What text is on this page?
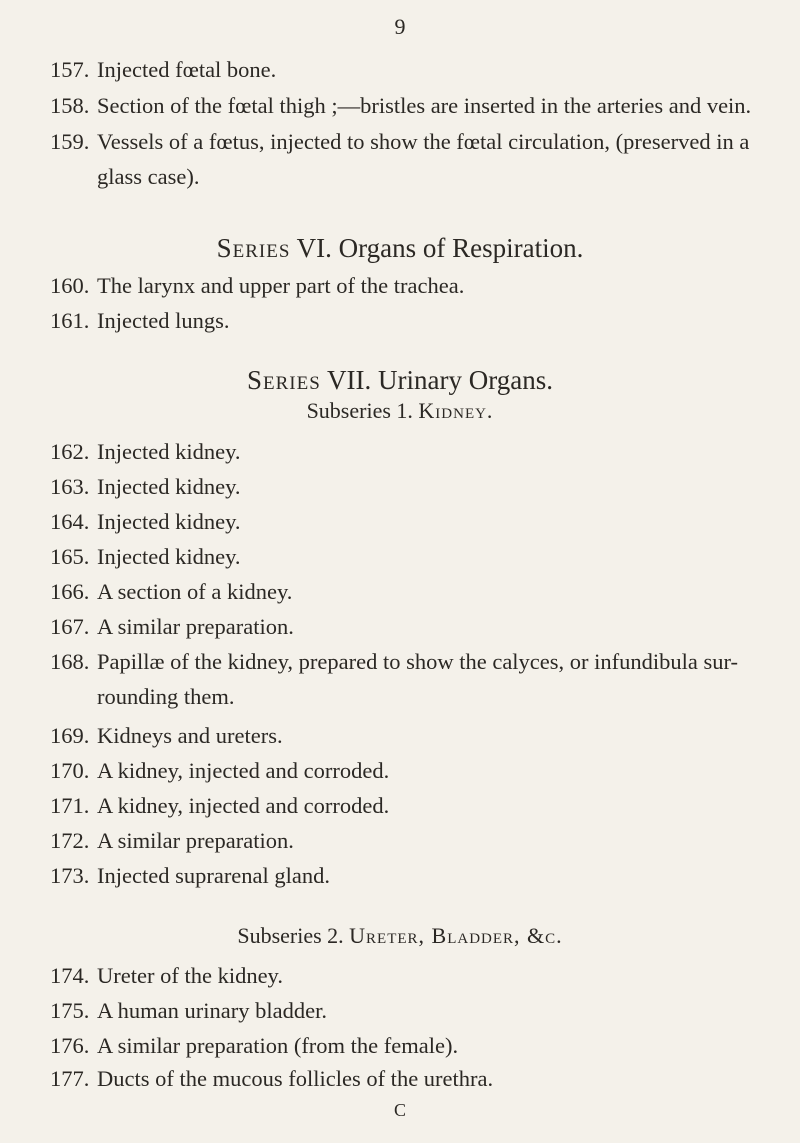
9
157. Injected fœtal bone.
158. Section of the fœtal thigh ;—bristles are inserted in the arteries and vein.
159. Vessels of a fœtus, injected to show the fœtal circulation, (preserved in a
glass case).
Series VI. Organs of Respiration.
160. The larynx and upper part of the trachea.
161. Injected lungs.
Series VII. Urinary Organs.
Subseries 1. Kidney.
162. Injected kidney.
163. Injected kidney.
164. Injected kidney.
165. Injected kidney.
166. A section of a kidney.
167. A similar preparation.
168. Papillæ of the kidney, prepared to show the calyces, or infundibula sur-
rounding them.
169. Kidneys and ureters.
170. A kidney, injected and corroded.
171. A kidney, injected and corroded.
172. A similar preparation.
173. Injected suprarenal gland.
Subseries 2. Ureter, Bladder, &c.
174. Ureter of the kidney.
175. A human urinary bladder.
176. A similar preparation (from the female).
177. Ducts of the mucous follicles of the urethra.
C
